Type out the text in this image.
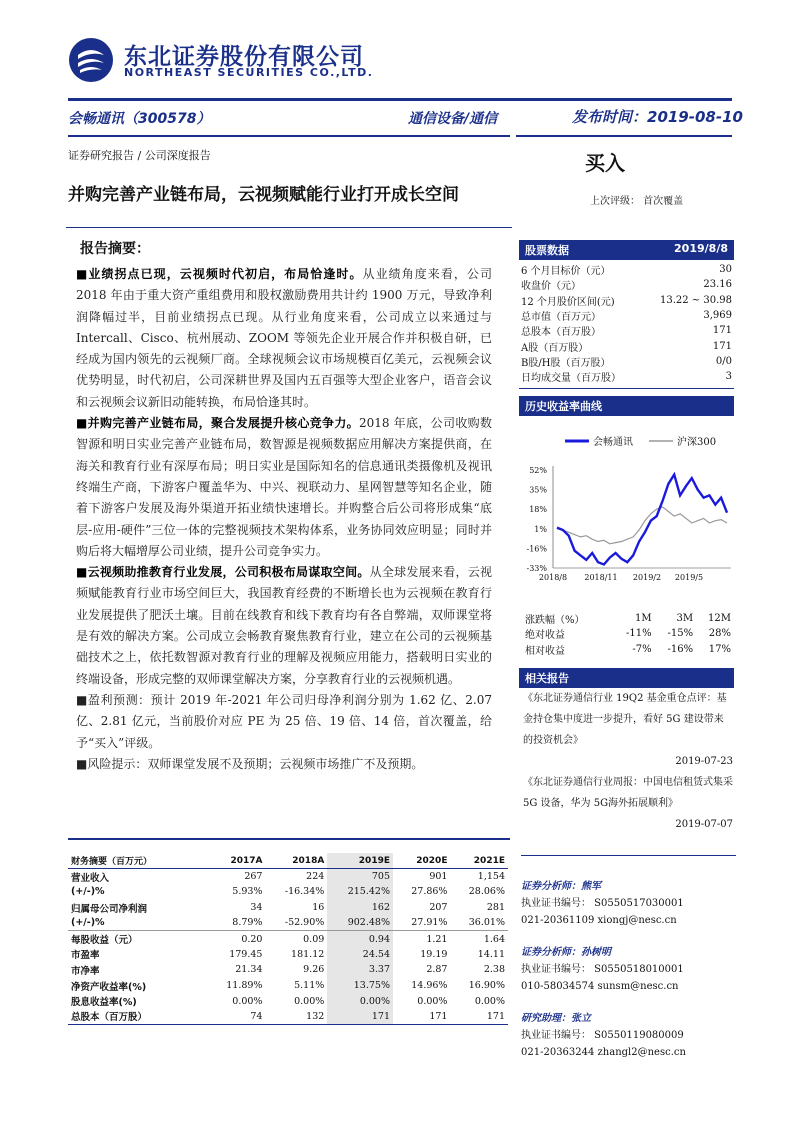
东北证券股份有限公司
NORTHEAST SECURITIES CO.,LTD.
会畅通讯（300578）	通信设备/通信	发布时间：2019-08-10
证券研究报告 / 公司深度报告	买入
上次评级： 首次覆盖
并购完善产业链布局，云视频赋能行业打开成长空间
报告摘要：

■业绩拐点已现，云视频时代初启，布局恰逢时。从业绩角度来看，公司 2018 年由于重大资产重组费用和股权激励费用共计约 1900 万元，导致净利润降幅过半，目前业绩拐点已现。从行业角度来看，公司成立以来通过与 Intercall、Cisco、杭州展动、ZOOM 等领先企业开展合作并积极自研，已经成为国内领先的云视频厂商。全球视频会议市场规模百亿美元，云视频会议优势明显，时代初启，公司深耕世界及国内五百强等大型企业客户，语音会议和云视频会议新旧动能转换，布局恰逢其时。

■并购完善产业链布局，聚合发展提升核心竞争力。2018 年底，公司收购数智源和明日实业完善产业链布局，数智源是视频数据应用解决方案提供商，在海关和教育行业有深厚布局；明日实业是国际知名的信息通讯类摄像机及视讯终端生产商，下游客户覆盖华为、中兴、视联动力、星网智慧等知名企业，随着下游客户发展及海外渠道开拓业绩快速增长。并购整合后公司将形成集“底层-应用-硬件”三位一体的完整视频技术架构体系，业务协同效应明显；同时并购后将大幅增厚公司业绩，提升公司竞争实力。

■云视频助推教育行业发展，公司积极布局谋取空间。从全球发展来看，云视频赋能教育行业市场空间巨大，我国教育经费的不断增长也为云视频在教育行业发展提供了肥沃土壤。目前在线教育和线下教育均有各自弊端，双师课堂将是有效的解决方案。公司成立会畅教育聚焦教育行业，建立在公司的云视频基础技术之上，依托数智源对教育行业的理解及视频应用能力，搭载明日实业的终端设备，形成完整的双师课堂解决方案，分享教育行业的云视频机遇。

■盈利预测：预计 2019 年-2021 年公司归母净利润分别为 1.62 亿、2.07 亿、2.81 亿元，当前股价对应 PE 为 25 倍、19 倍、14 倍，首次覆盖，给予“买入”评级。

■风险提示：双师课堂发展不及预期；云视频市场推广不及预期。

股票数据	2019/8/8
6 个月目标价（元）	30
收盘价（元）	23.16
12 个月股价区间(元)	13.22 ~ 30.98
总市值（百万元）	3,969
总股本（百万股）	171
A股（百万股）	171
B股/H股（百万股）	0/0
日均成交量（百万股）	3
历史收益率曲线
会畅通讯	沪深300
52%
35%
18%
1%
-16%
-33%
2018/8 2018/11 2019/2 2019/5
涨跌幅（%）	1M	3M	12M
绝对收益	-11%	-15%	28%
相对收益	-7%	-16%	17%
相关报告
《东北证券通信行业 19Q2 基金重仓点评：基金持仓集中度进一步提升，看好 5G 建设带来的投资机会》
2019-07-23
《东北证券通信行业周报：中国电信租赁式集采 5G 设备，华为 5G海外拓展顺利》
2019-07-07
财务摘要（百万元）	2017A	2018A	2019E	2020E	2021E
营业收入	267	224	705	901	1,154
(+/-)%	5.93%	-16.34%	215.42%	27.86%	28.06%
归属母公司净利润	34	16	162	207	281
(+/-)%	8.79%	-52.90%	902.48%	27.91%	36.01%
每股收益（元）	0.20	0.09	0.94	1.21	1.64
市盈率	179.45	181.12	24.54	19.19	14.11
市净率	21.34	9.26	3.37	2.87	2.38
净资产收益率(%)	11.89%	5.11%	13.75%	14.96%	16.90%
股息收益率(%)	0.00%	0.00%	0.00%	0.00%	0.00%
总股本（百万股）	74	132	171	171	171
证券分析师：熊军
执业证书编号： S0550517030001
021-20361109 xiongj@nesc.cn
证券分析师：孙树明
执业证书编号： S0550518010001
010-58034574 sunsm@nesc.cn
研究助理：张立
执业证书编号： S0550119080009
021-20363244 zhangl2@nesc.cn
